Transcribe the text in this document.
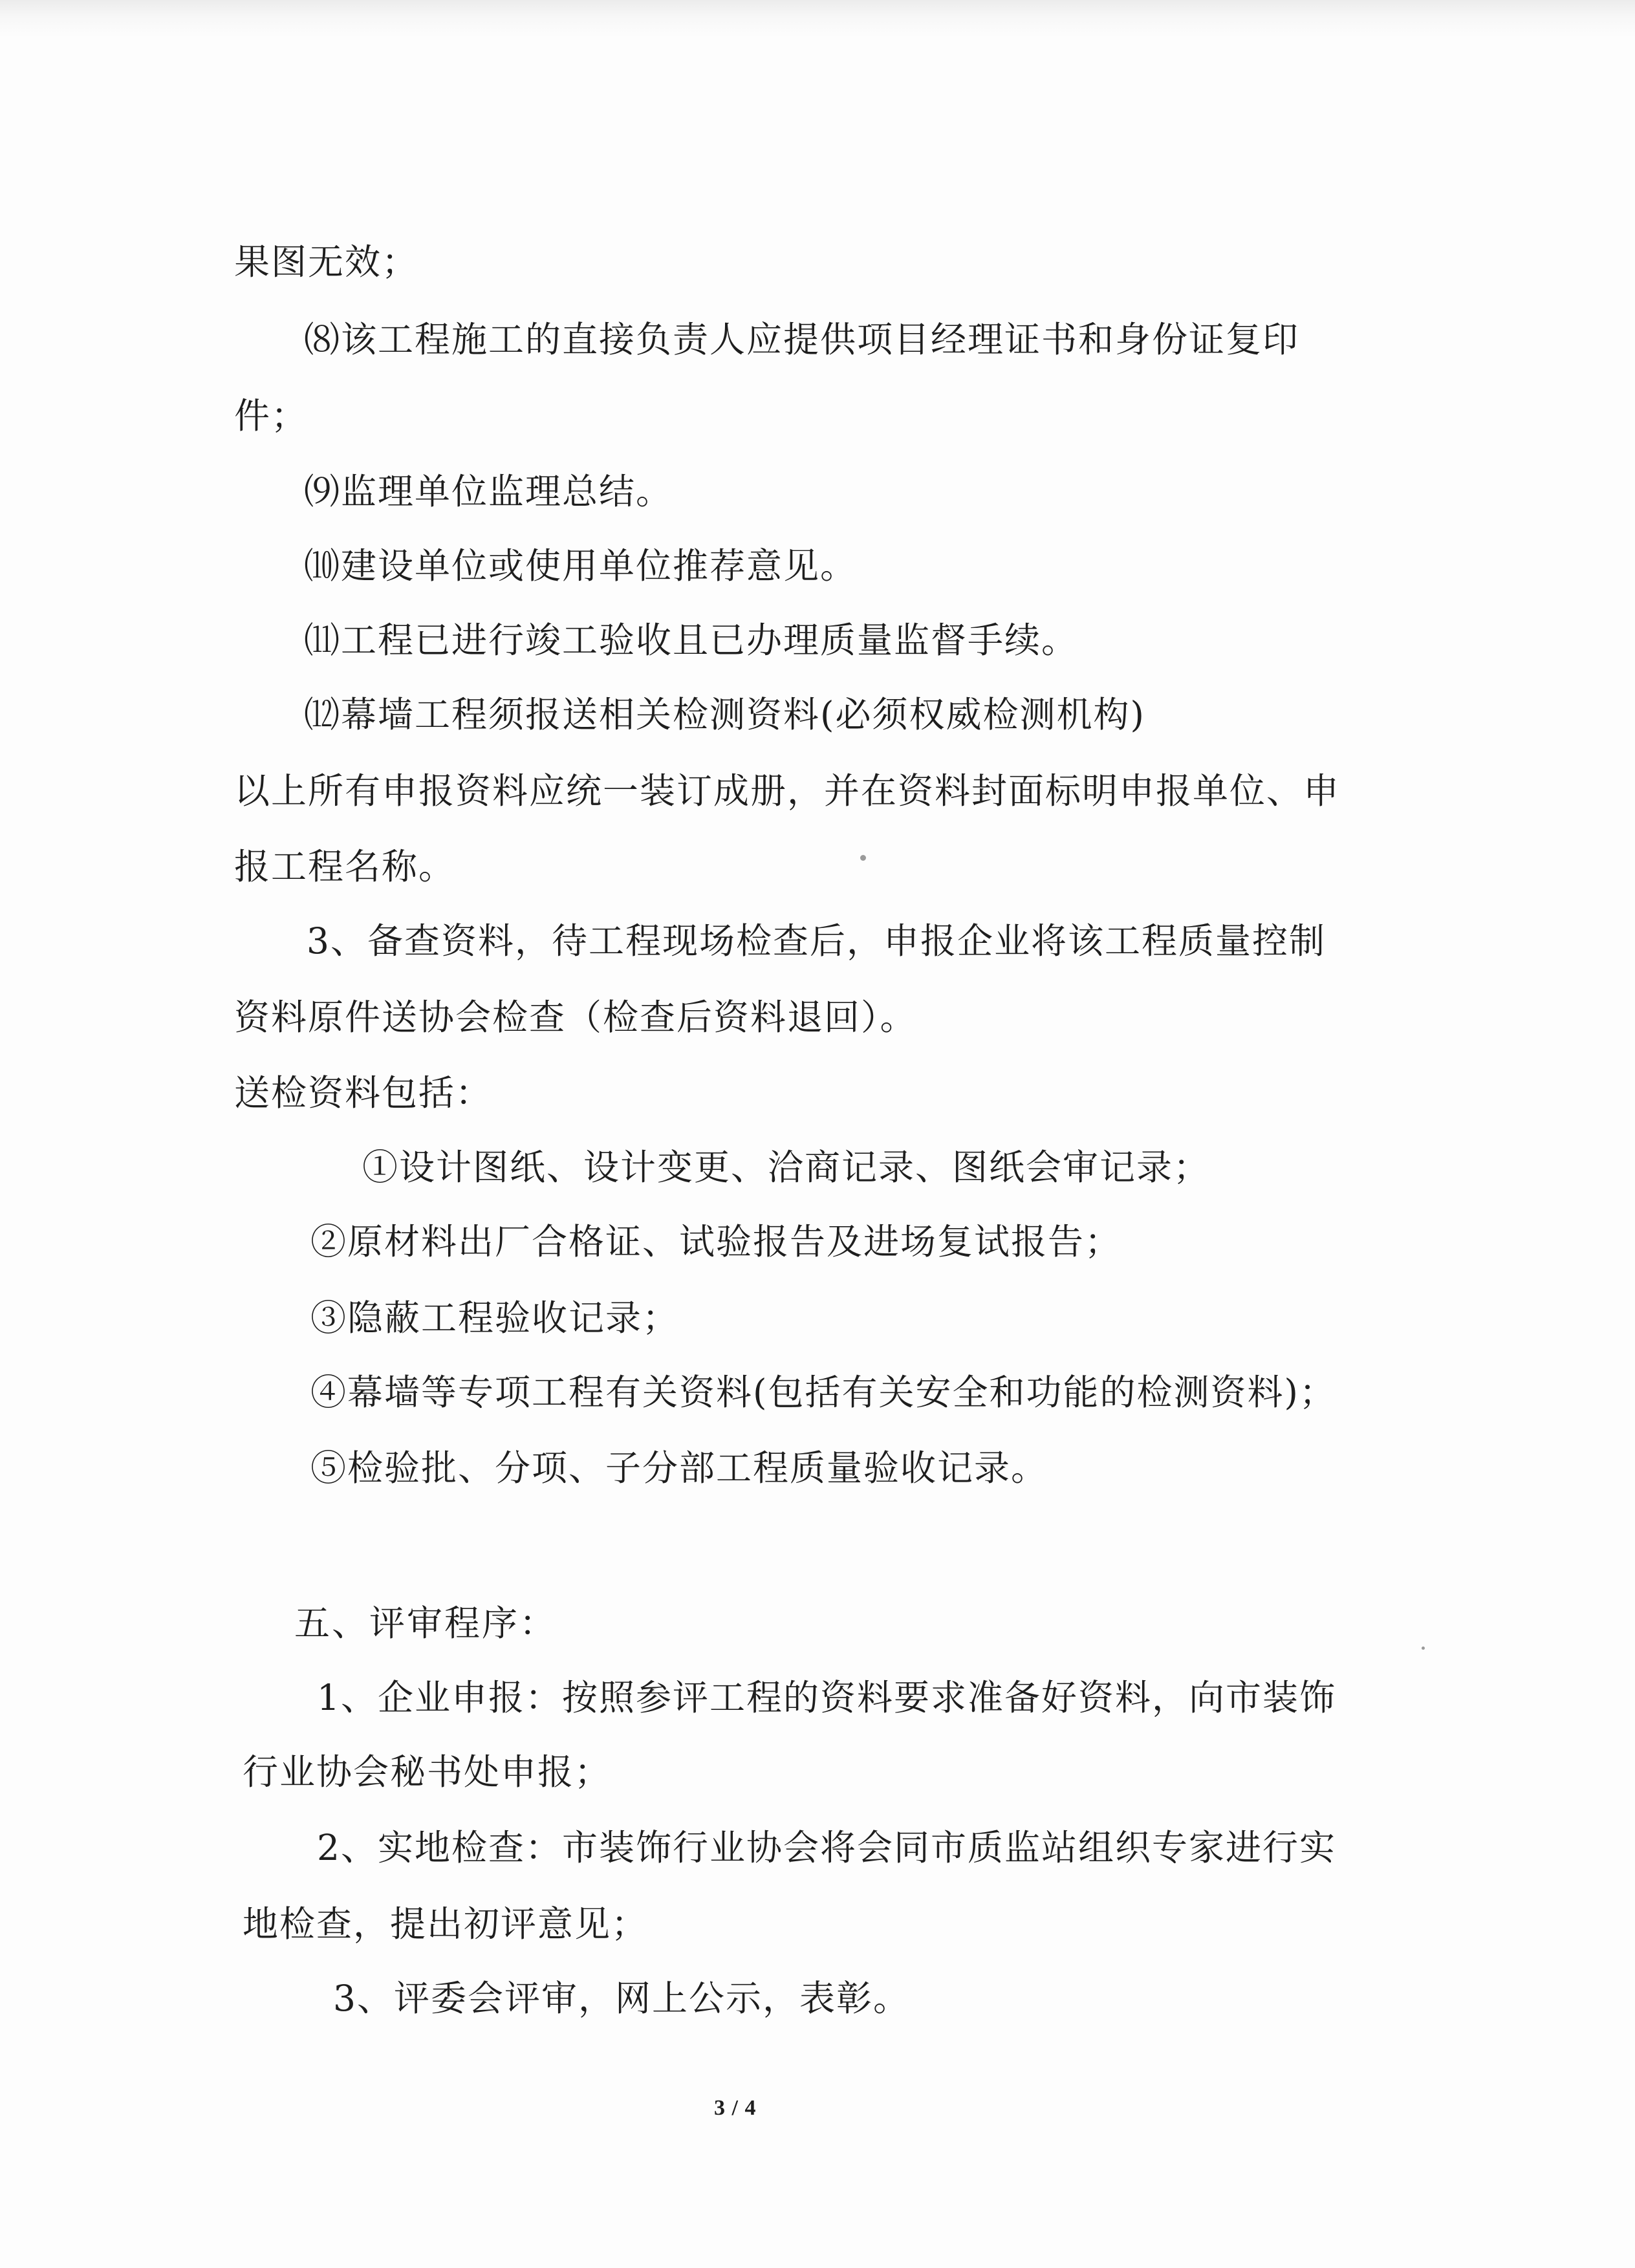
果图无效；
⑻该工程施工的直接负责人应提供项目经理证书和身份证复印
件；
⑼监理单位监理总结。
⑽建设单位或使用单位推荐意见。
⑾工程已进行竣工验收且已办理质量监督手续。
⑿幕墙工程须报送相关检测资料(必须权威检测机构)
以上所有申报资料应统一装订成册，并在资料封面标明申报单位、申
报工程名称。
3、备查资料，待工程现场检查后，申报企业将该工程质量控制
资料原件送协会检查（检查后资料退回）。
送检资料包括：
①设计图纸、设计变更、洽商记录、图纸会审记录；
②原材料出厂合格证、试验报告及进场复试报告；
③隐蔽工程验收记录；
④幕墙等专项工程有关资料(包括有关安全和功能的检测资料)；
⑤检验批、分项、子分部工程质量验收记录。
五、评审程序：
1、企业申报：按照参评工程的资料要求准备好资料，向市装饰
行业协会秘书处申报；
2、实地检查：市装饰行业协会将会同市质监站组织专家进行实
地检查，提出初评意见；
3、评委会评审，网上公示，表彰。
3 / 4
